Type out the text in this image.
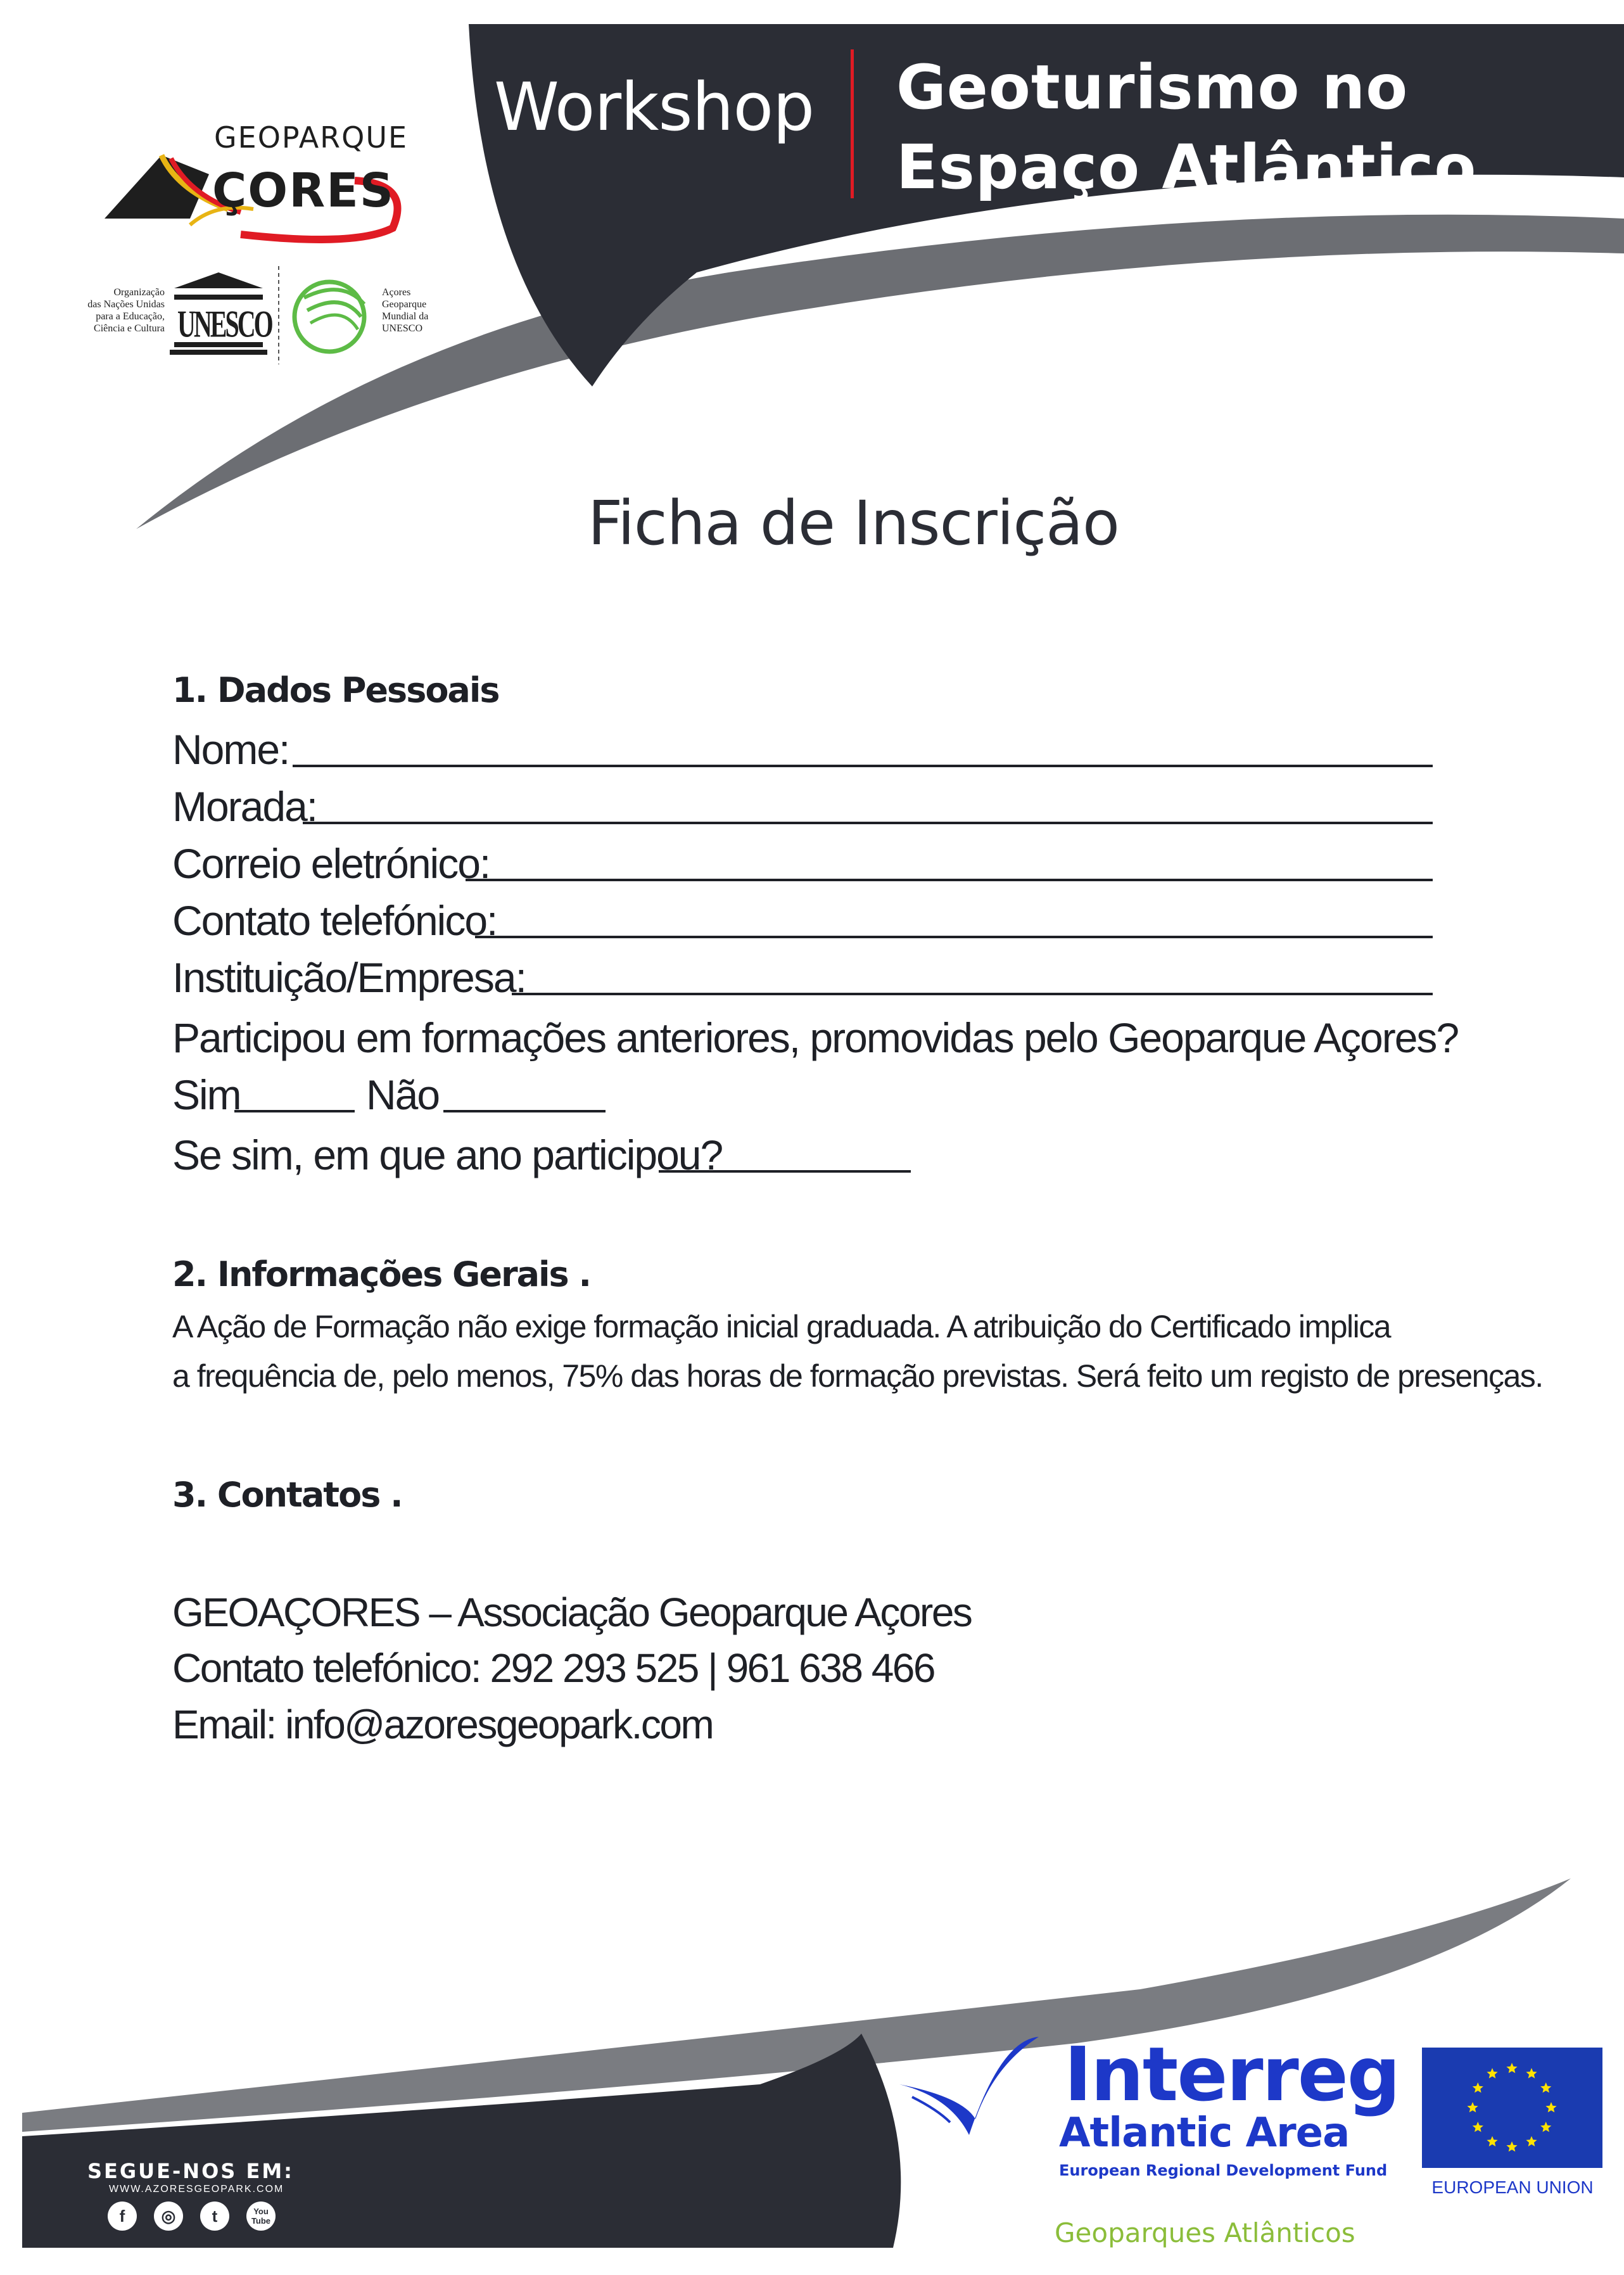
Workshop Geoturismo no
Espaço Atlântico
GEOPARQUE
ÇORES
Organização
das Nações Unidas
para a Educação,
Ciência e Cultura UNESCO
Açores
Geoparque
Mundial da
UNESCO
Ficha de Inscrição
1. Dados Pessoais
Nome:
Morada:
Correio eletrónico:
Contato telefónico:
Instituição/Empresa:
Participou em formações anteriores, promovidas pelo Geoparque Açores?
Sim	Não
Se sim, em que ano participou?
2. Informações Gerais .
A Ação de Formação não exige formação inicial graduada. A atribuição do Certificado implica
a frequência de, pelo menos, 75% das horas de formação previstas. Será feito um registo de presenças.
3. Contatos .
GEOAÇORES – Associação Geoparque Açores
Contato telefónico: 292 293 525 | 961 638 466
Email: info@azoresgeopark.com
SEGUE-NOS EM:
WWW.AZORESGEOPARK.COM
f	◎	t	You
Tube
Interreg
Atlantic Area
European Regional Development Fund
Geoparques Atlânticos
EUROPEAN UNION
